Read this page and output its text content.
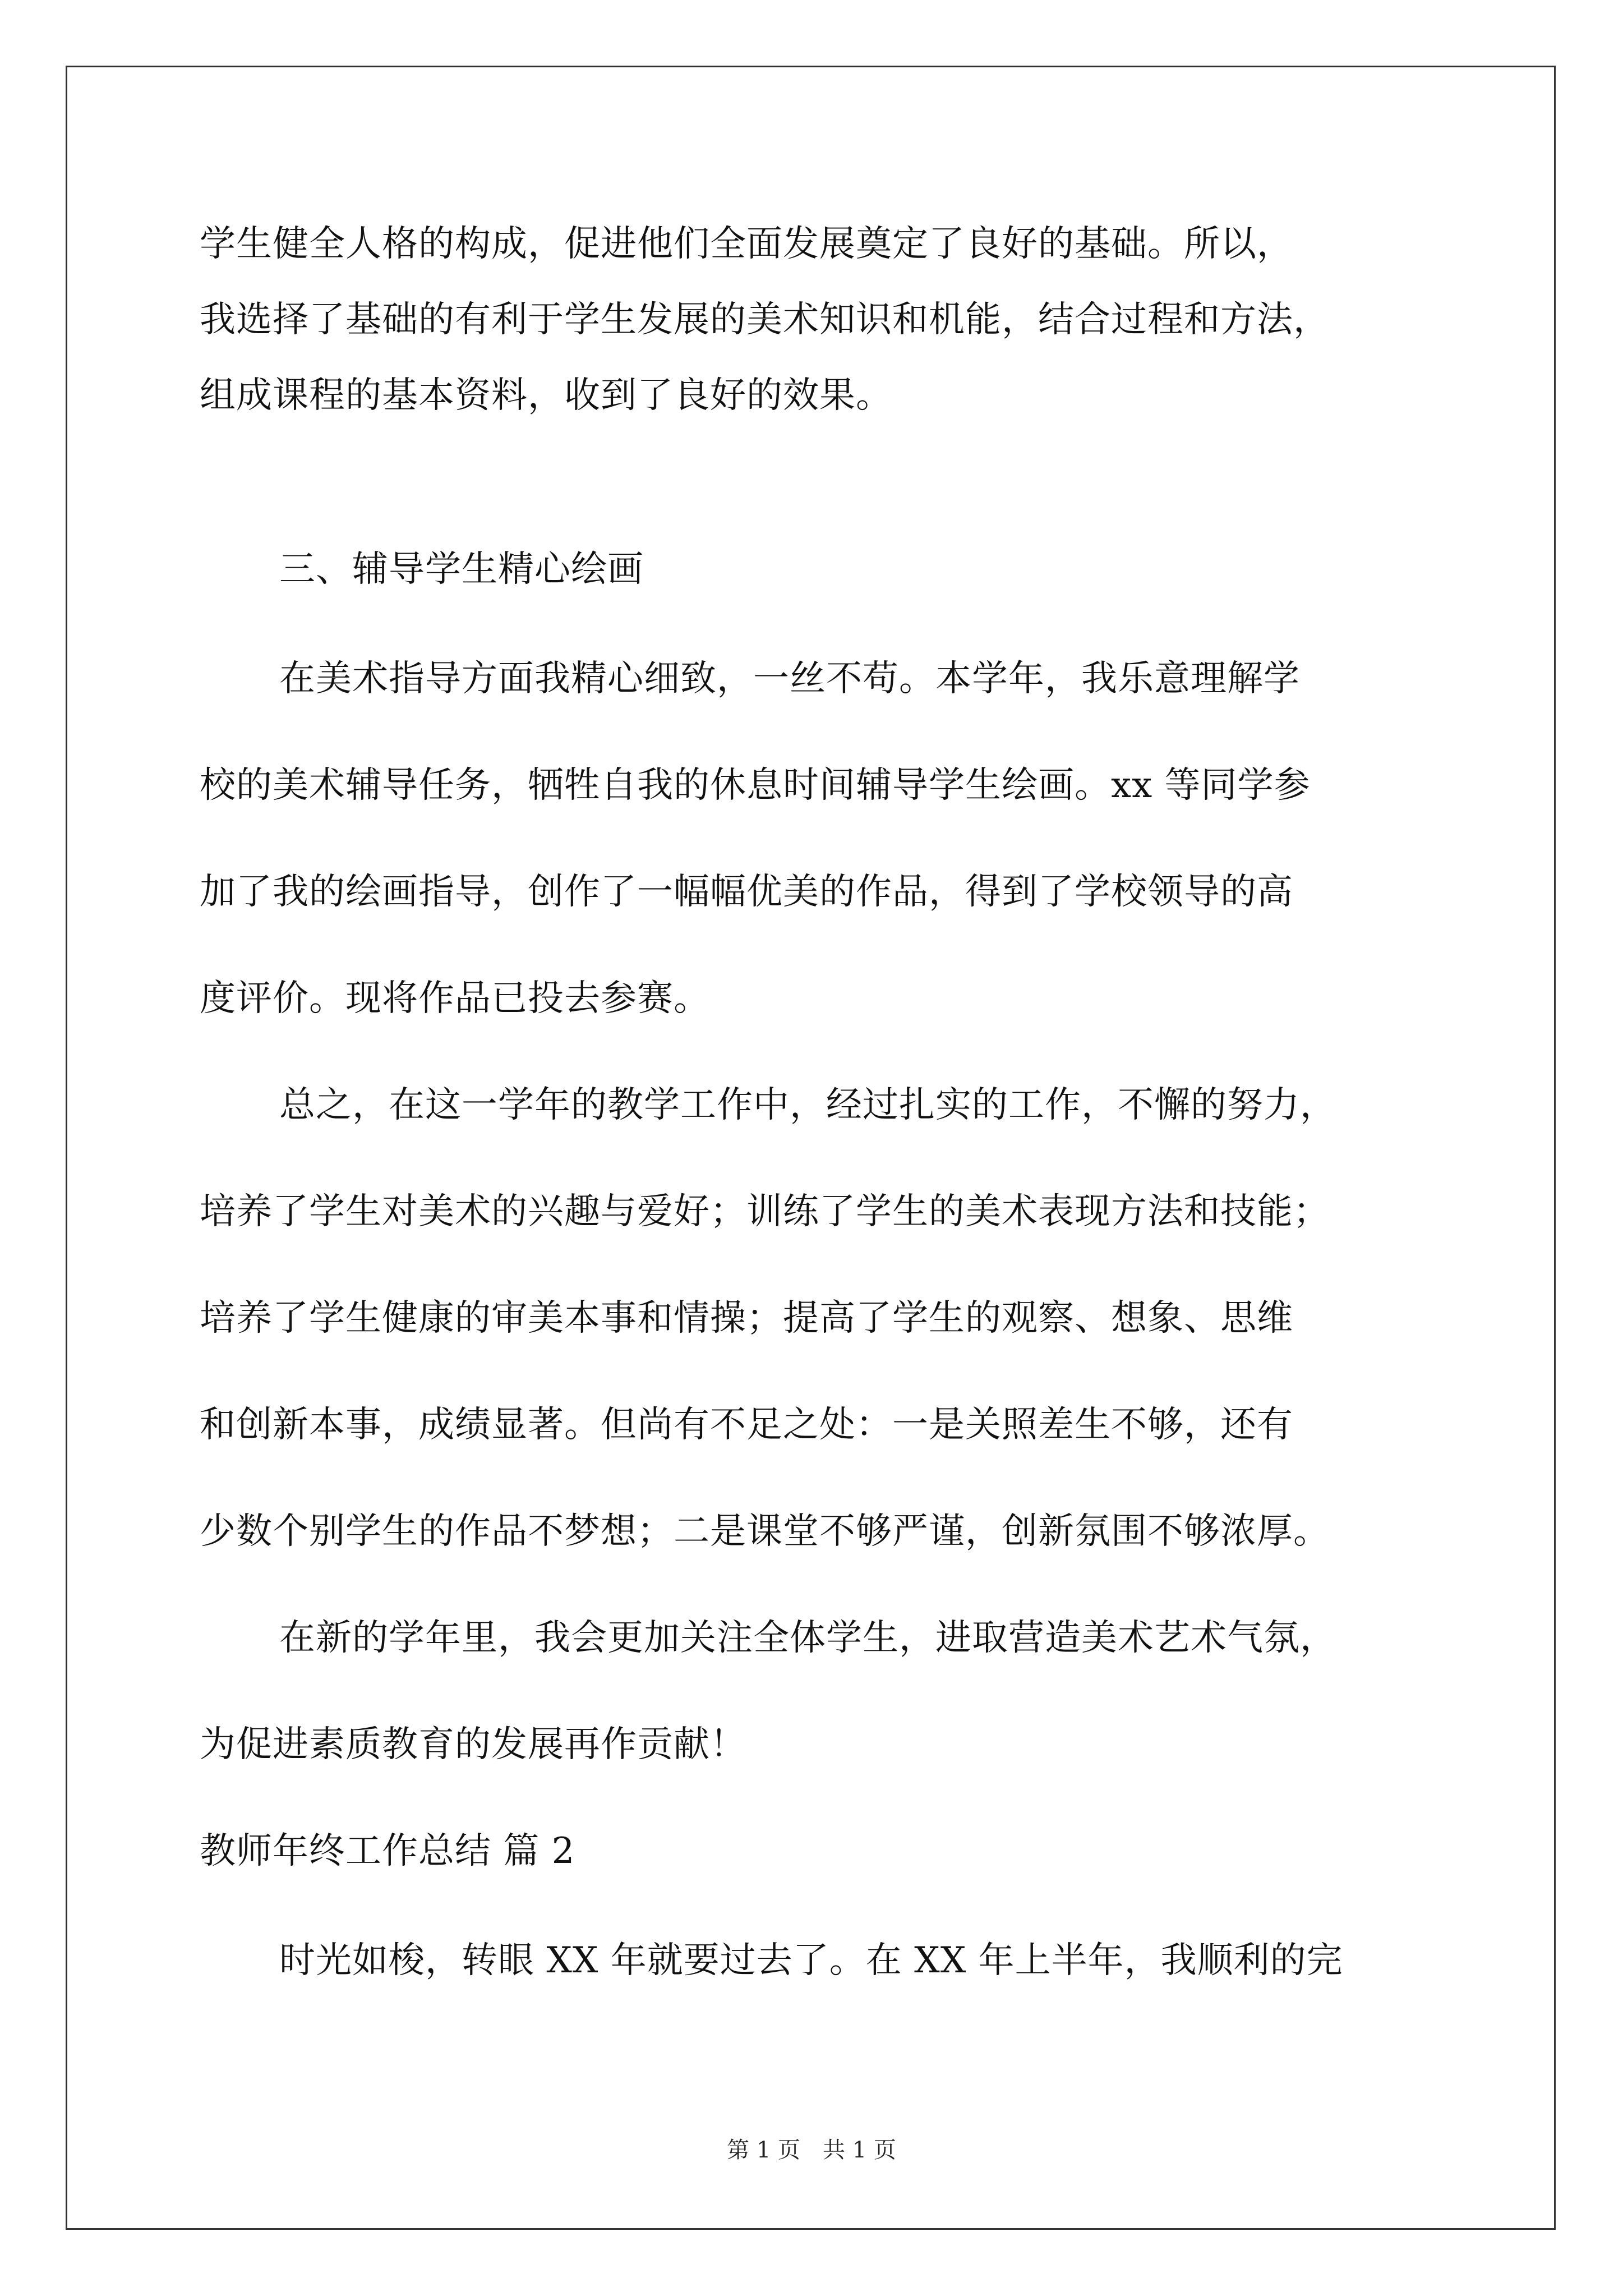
学生健全人格的构成，促进他们全面发展奠定了良好的基础。所以，
我选择了基础的有利于学生发展的美术知识和机能，结合过程和方法，
组成课程的基本资料，收到了良好的效果。
三、辅导学生精心绘画
在美术指导方面我精心细致，一丝不苟。本学年，我乐意理解学
校的美术辅导任务，牺牲自我的休息时间辅导学生绘画。xx 等同学参
加了我的绘画指导，创作了一幅幅优美的作品，得到了学校领导的高
度评价。现将作品已投去参赛。
总之，在这一学年的教学工作中，经过扎实的工作，不懈的努力，
培养了学生对美术的兴趣与爱好；训练了学生的美术表现方法和技能；
培养了学生健康的审美本事和情操；提高了学生的观察、想象、思维
和创新本事，成绩显著。但尚有不足之处：一是关照差生不够，还有
少数个别学生的作品不梦想；二是课堂不够严谨，创新氛围不够浓厚。
在新的学年里，我会更加关注全体学生，进取营造美术艺术气氛，
为促进素质教育的发展再作贡献！
教师年终工作总结 篇 2
时光如梭，转眼 XX 年就要过去了。在 XX 年上半年，我顺利的完
第 1 页　共 1 页
